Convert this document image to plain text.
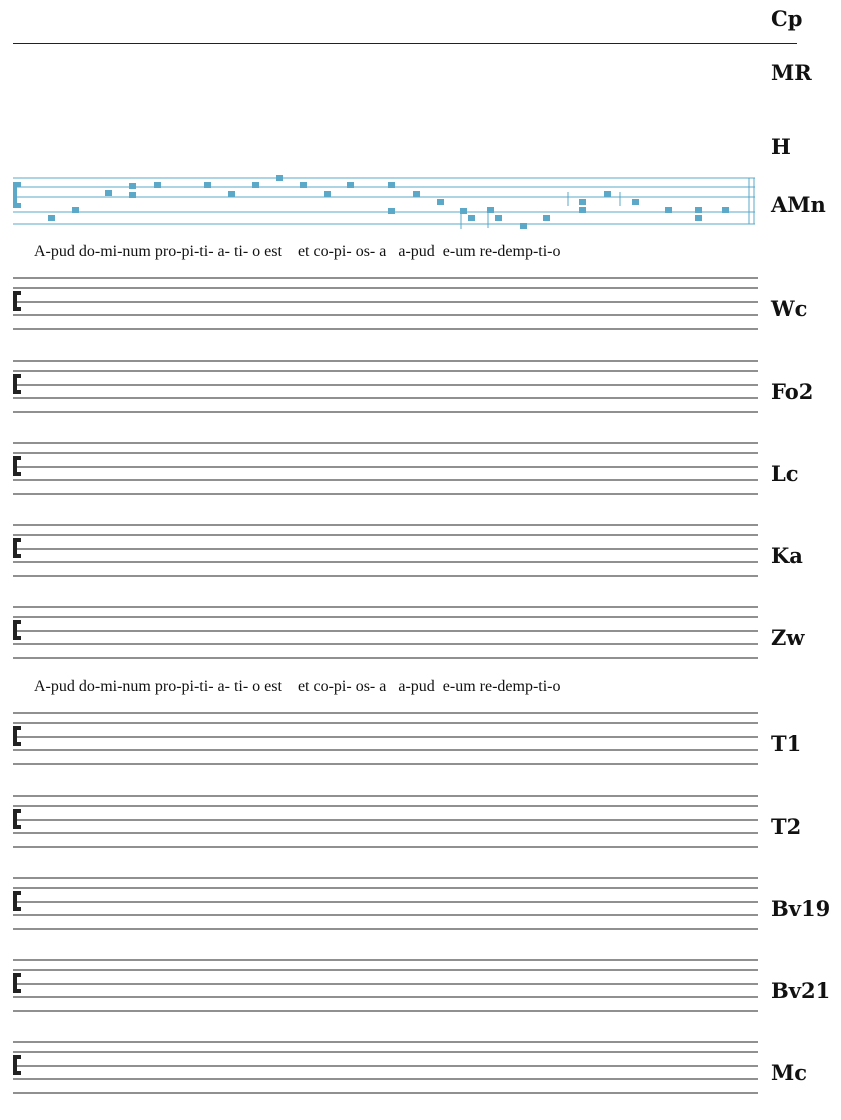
Cp
MR
H
AMn
A-pud do-mi-num pro-pi-ti- a- ti- o est    et co-pi- os- a   a-pud  e-um re-demp-ti-o
Wc
Fo2
Lc
Ka
Zw
A-pud do-mi-num pro-pi-ti- a- ti- o est    et co-pi- os- a   a-pud  e-um re-demp-ti-o
T1
T2
Bv19
Bv21
Mc
